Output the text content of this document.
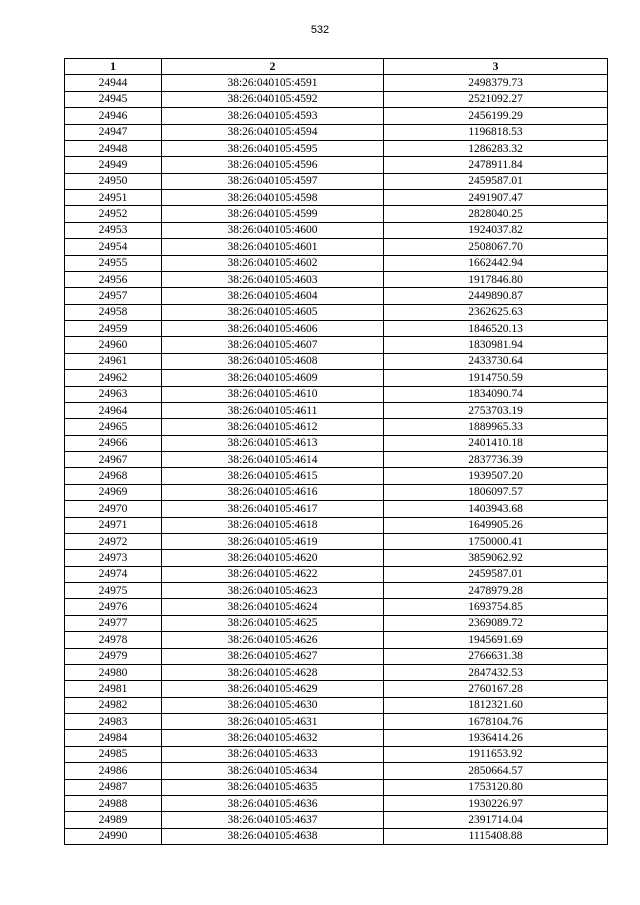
532
1	2	3
24944	38:26:040105:4591	2498379.73
24945	38:26:040105:4592	2521092.27
24946	38:26:040105:4593	2456199.29
24947	38:26:040105:4594	1196818.53
24948	38:26:040105:4595	1286283.32
24949	38:26:040105:4596	2478911.84
24950	38:26:040105:4597	2459587.01
24951	38:26:040105:4598	2491907.47
24952	38:26:040105:4599	2828040.25
24953	38:26:040105:4600	1924037.82
24954	38:26:040105:4601	2508067.70
24955	38:26:040105:4602	1662442.94
24956	38:26:040105:4603	1917846.80
24957	38:26:040105:4604	2449890.87
24958	38:26:040105:4605	2362625.63
24959	38:26:040105:4606	1846520.13
24960	38:26:040105:4607	1830981.94
24961	38:26:040105:4608	2433730.64
24962	38:26:040105:4609	1914750.59
24963	38:26:040105:4610	1834090.74
24964	38:26:040105:4611	2753703.19
24965	38:26:040105:4612	1889965.33
24966	38:26:040105:4613	2401410.18
24967	38:26:040105:4614	2837736.39
24968	38:26:040105:4615	1939507.20
24969	38:26:040105:4616	1806097.57
24970	38:26:040105:4617	1403943.68
24971	38:26:040105:4618	1649905.26
24972	38:26:040105:4619	1750000.41
24973	38:26:040105:4620	3859062.92
24974	38:26:040105:4622	2459587.01
24975	38:26:040105:4623	2478979.28
24976	38:26:040105:4624	1693754.85
24977	38:26:040105:4625	2369089.72
24978	38:26:040105:4626	1945691.69
24979	38:26:040105:4627	2766631.38
24980	38:26:040105:4628	2847432.53
24981	38:26:040105:4629	2760167.28
24982	38:26:040105:4630	1812321.60
24983	38:26:040105:4631	1678104.76
24984	38:26:040105:4632	1936414.26
24985	38:26:040105:4633	1911653.92
24986	38:26:040105:4634	2850664.57
24987	38:26:040105:4635	1753120.80
24988	38:26:040105:4636	1930226.97
24989	38:26:040105:4637	2391714.04
24990	38:26:040105:4638	1115408.88
